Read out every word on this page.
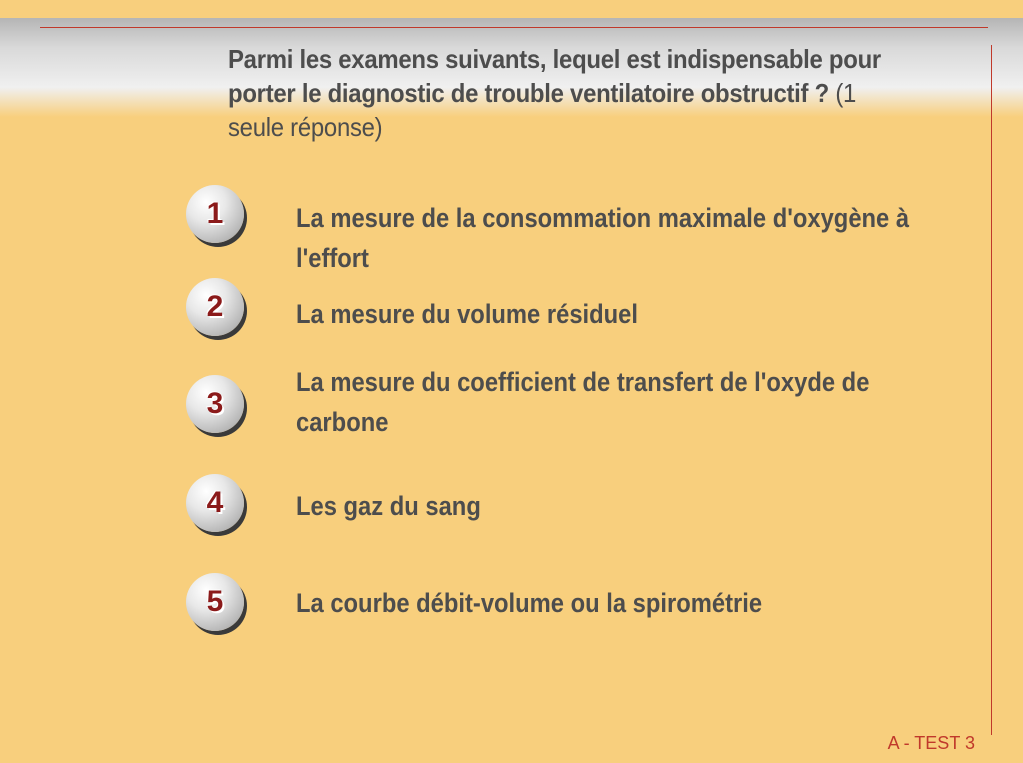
Parmi les examens suivants, lequel est indispensable pour porter le diagnostic de trouble ventilatoire obstructif ? (1 seule réponse)
1	La mesure de la consommation maximale d'oxygène à l'effort
2	La mesure du volume résiduel
3
La mesure du coefficient de transfert de l'oxyde de carbone
4	Les gaz du sang
5	La courbe débit-volume ou la spirométrie
A - TEST 3
